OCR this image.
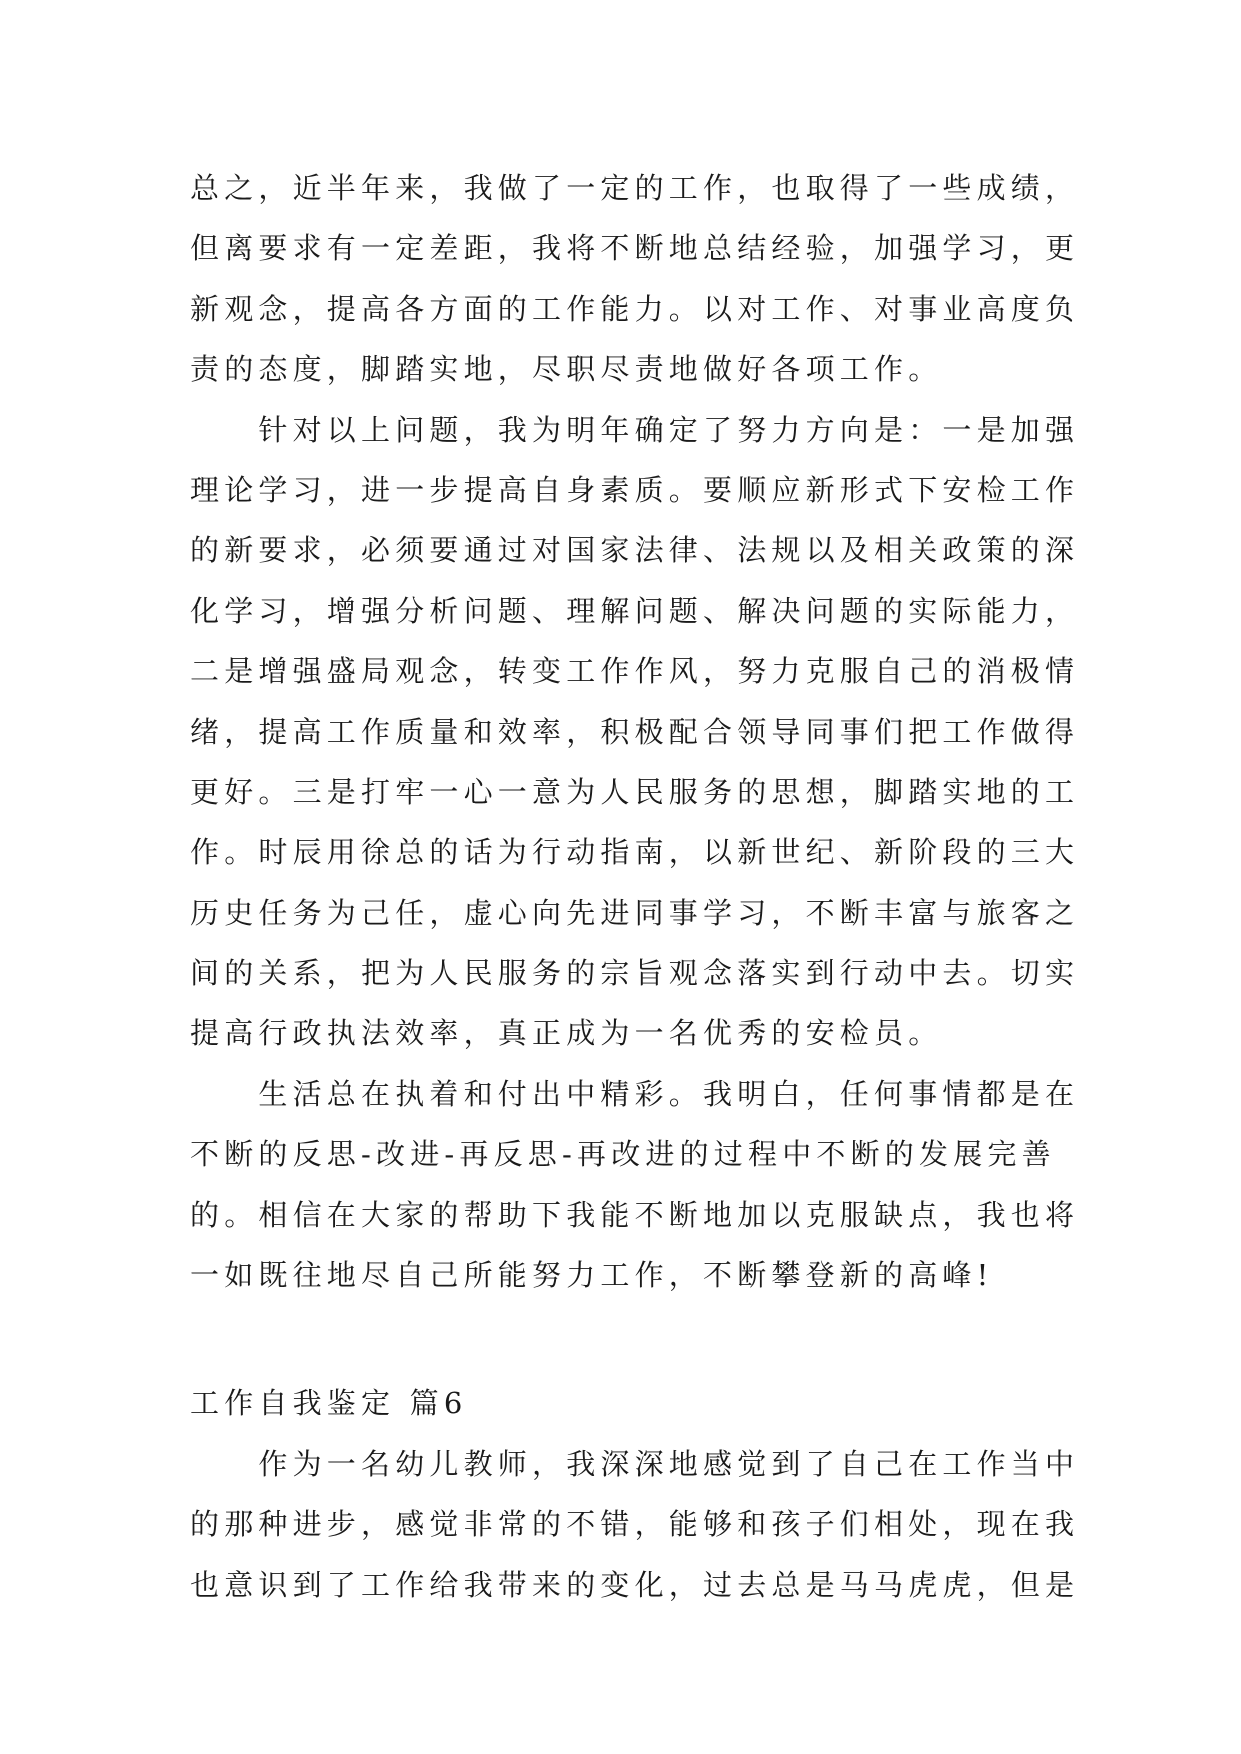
总之，近半年来，我做了一定的工作，也取得了一些成绩，
但离要求有一定差距，我将不断地总结经验，加强学习，更
新观念，提高各方面的工作能力。以对工作、对事业高度负
责的态度，脚踏实地，尽职尽责地做好各项工作。
　　针对以上问题，我为明年确定了努力方向是：一是加强
理论学习，进一步提高自身素质。要顺应新形式下安检工作
的新要求，必须要通过对国家法律、法规以及相关政策的深
化学习，增强分析问题、理解问题、解决问题的实际能力，
二是增强盛局观念，转变工作作风，努力克服自己的消极情
绪，提高工作质量和效率，积极配合领导同事们把工作做得
更好。三是打牢一心一意为人民服务的思想，脚踏实地的工
作。时辰用徐总的话为行动指南，以新世纪、新阶段的三大
历史任务为己任，虚心向先进同事学习，不断丰富与旅客之
间的关系，把为人民服务的宗旨观念落实到行动中去。切实
提高行政执法效率，真正成为一名优秀的安检员。
　　生活总在执着和付出中精彩。我明白，任何事情都是在
不断的反思-改进-再反思-再改进的过程中不断的发展完善
的。相信在大家的帮助下我能不断地加以克服缺点，我也将
一如既往地尽自己所能努力工作，不断攀登新的高峰!
工作自我鉴定 篇6
　　作为一名幼儿教师，我深深地感觉到了自己在工作当中
的那种进步，感觉非常的不错，能够和孩子们相处，现在我
也意识到了工作给我带来的变化，过去总是马马虎虎，但是
